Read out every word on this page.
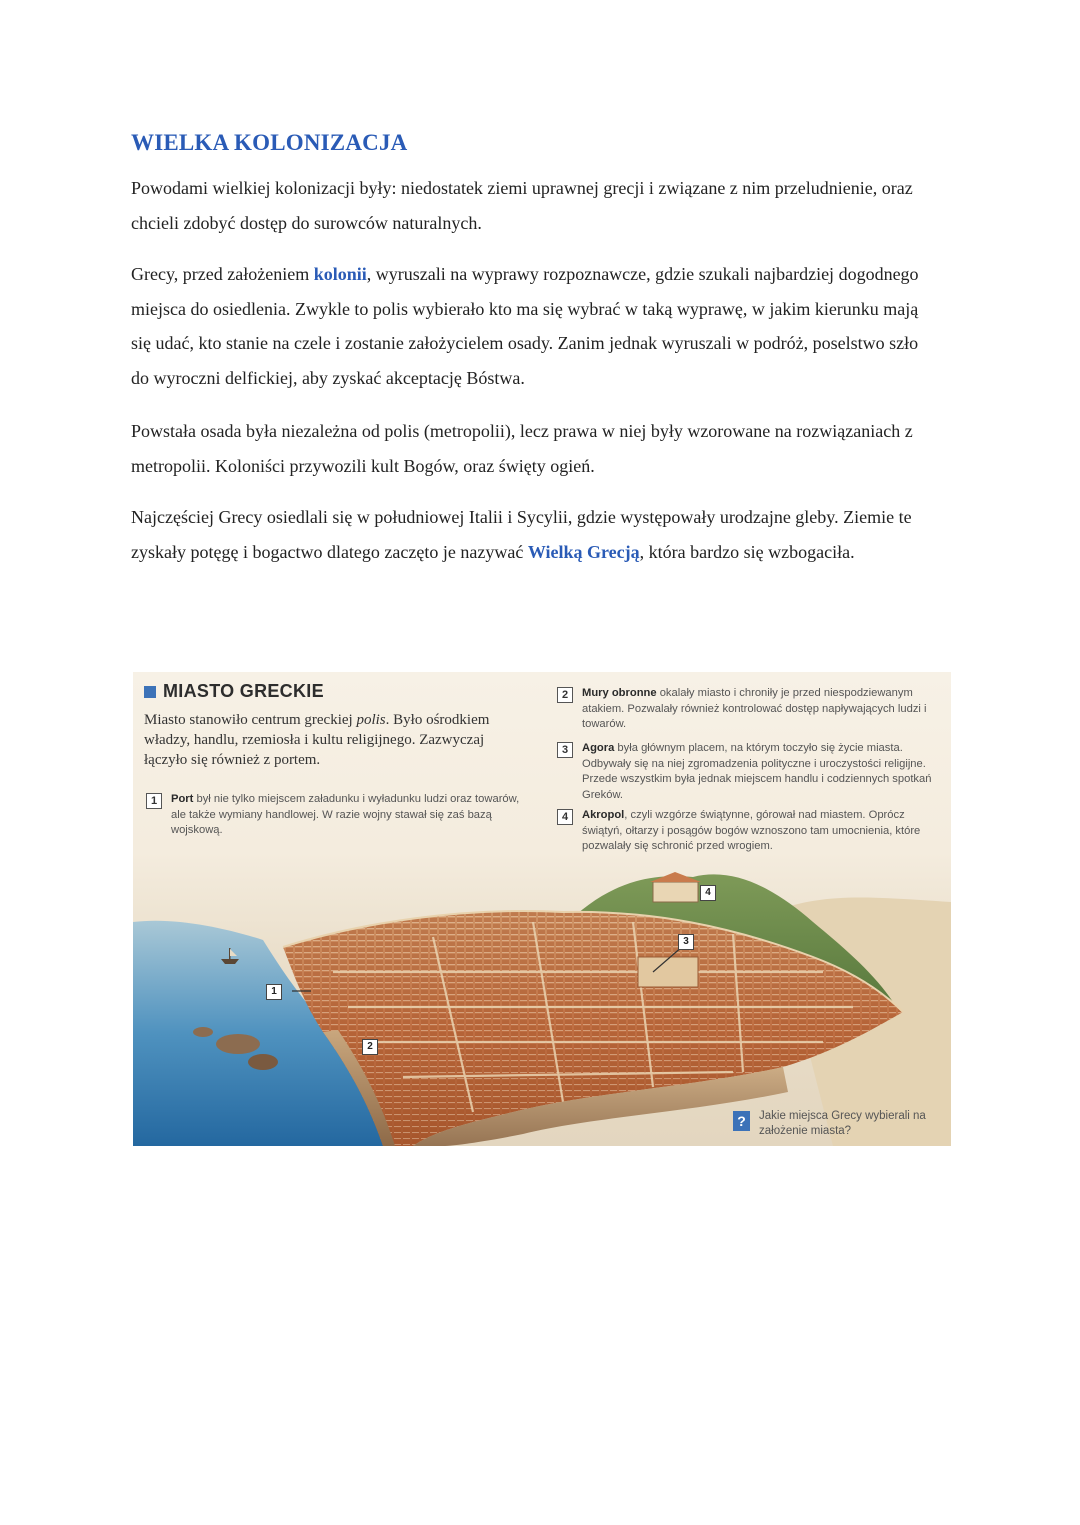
WIELKA KOLONIZACJA
Powodami wielkiej kolonizacji były: niedostatek ziemi uprawnej grecji i związane z nim przeludnienie, oraz chcieli zdobyć dostęp do surowców naturalnych.
Grecy, przed założeniem kolonii, wyruszali na wyprawy rozpoznawcze, gdzie szukali najbardziej dogodnego miejsca do osiedlenia. Zwykle to polis wybierało kto ma się wybrać w taką wyprawę, w jakim kierunku mają się udać, kto stanie na czele i zostanie założycielem osady. Zanim jednak wyruszali w podróż, poselstwo szło do wyroczni delfickiej, aby zyskać akceptację Bóstwa.
Powstała osada była niezależna od polis (metropolii), lecz prawa w niej były wzorowane na rozwiązaniach z metropolii. Koloniści przywozili kult Bogów, oraz święty ogień.
Najczęściej Grecy osiedlali się w południowej Italii i Sycylii, gdzie występowały urodzajne gleby. Ziemie te zyskały potęgę i bogactwo dlatego zaczęto je nazywać Wielką Grecją, która bardzo się wzbogaciła.
MIASTO GRECKIE
Miasto stanowiło centrum greckiej polis. Było ośrodkiem władzy, handlu, rzemiosła i kultu religijnego. Zazwyczaj łączyło się również z portem.
1	Port był nie tylko miejscem załadunku i wyładunku ludzi oraz towarów, ale także wymiany handlowej. W razie wojny stawał się zaś bazą wojskową.
2	Mury obronne okalały miasto i chroniły je przed niespodziewanym atakiem. Pozwalały również kontrolować dostęp napływających ludzi i towarów.
3	Agora była głównym placem, na którym toczyło się życie miasta. Odbywały się na niej zgromadzenia polityczne i uroczystości religijne. Przede wszystkim była jednak miejscem handlu i codziennych spotkań Greków.
4	Akropol, czyli wzgórze świątynne, górował nad miastem. Oprócz świątyń, ołtarzy i posągów bogów wznoszono tam umocnienia, które pozwalały się schronić przed wrogiem.
1
2
3
4
?	Jakie miejsca Grecy wybierali na założenie miasta?
